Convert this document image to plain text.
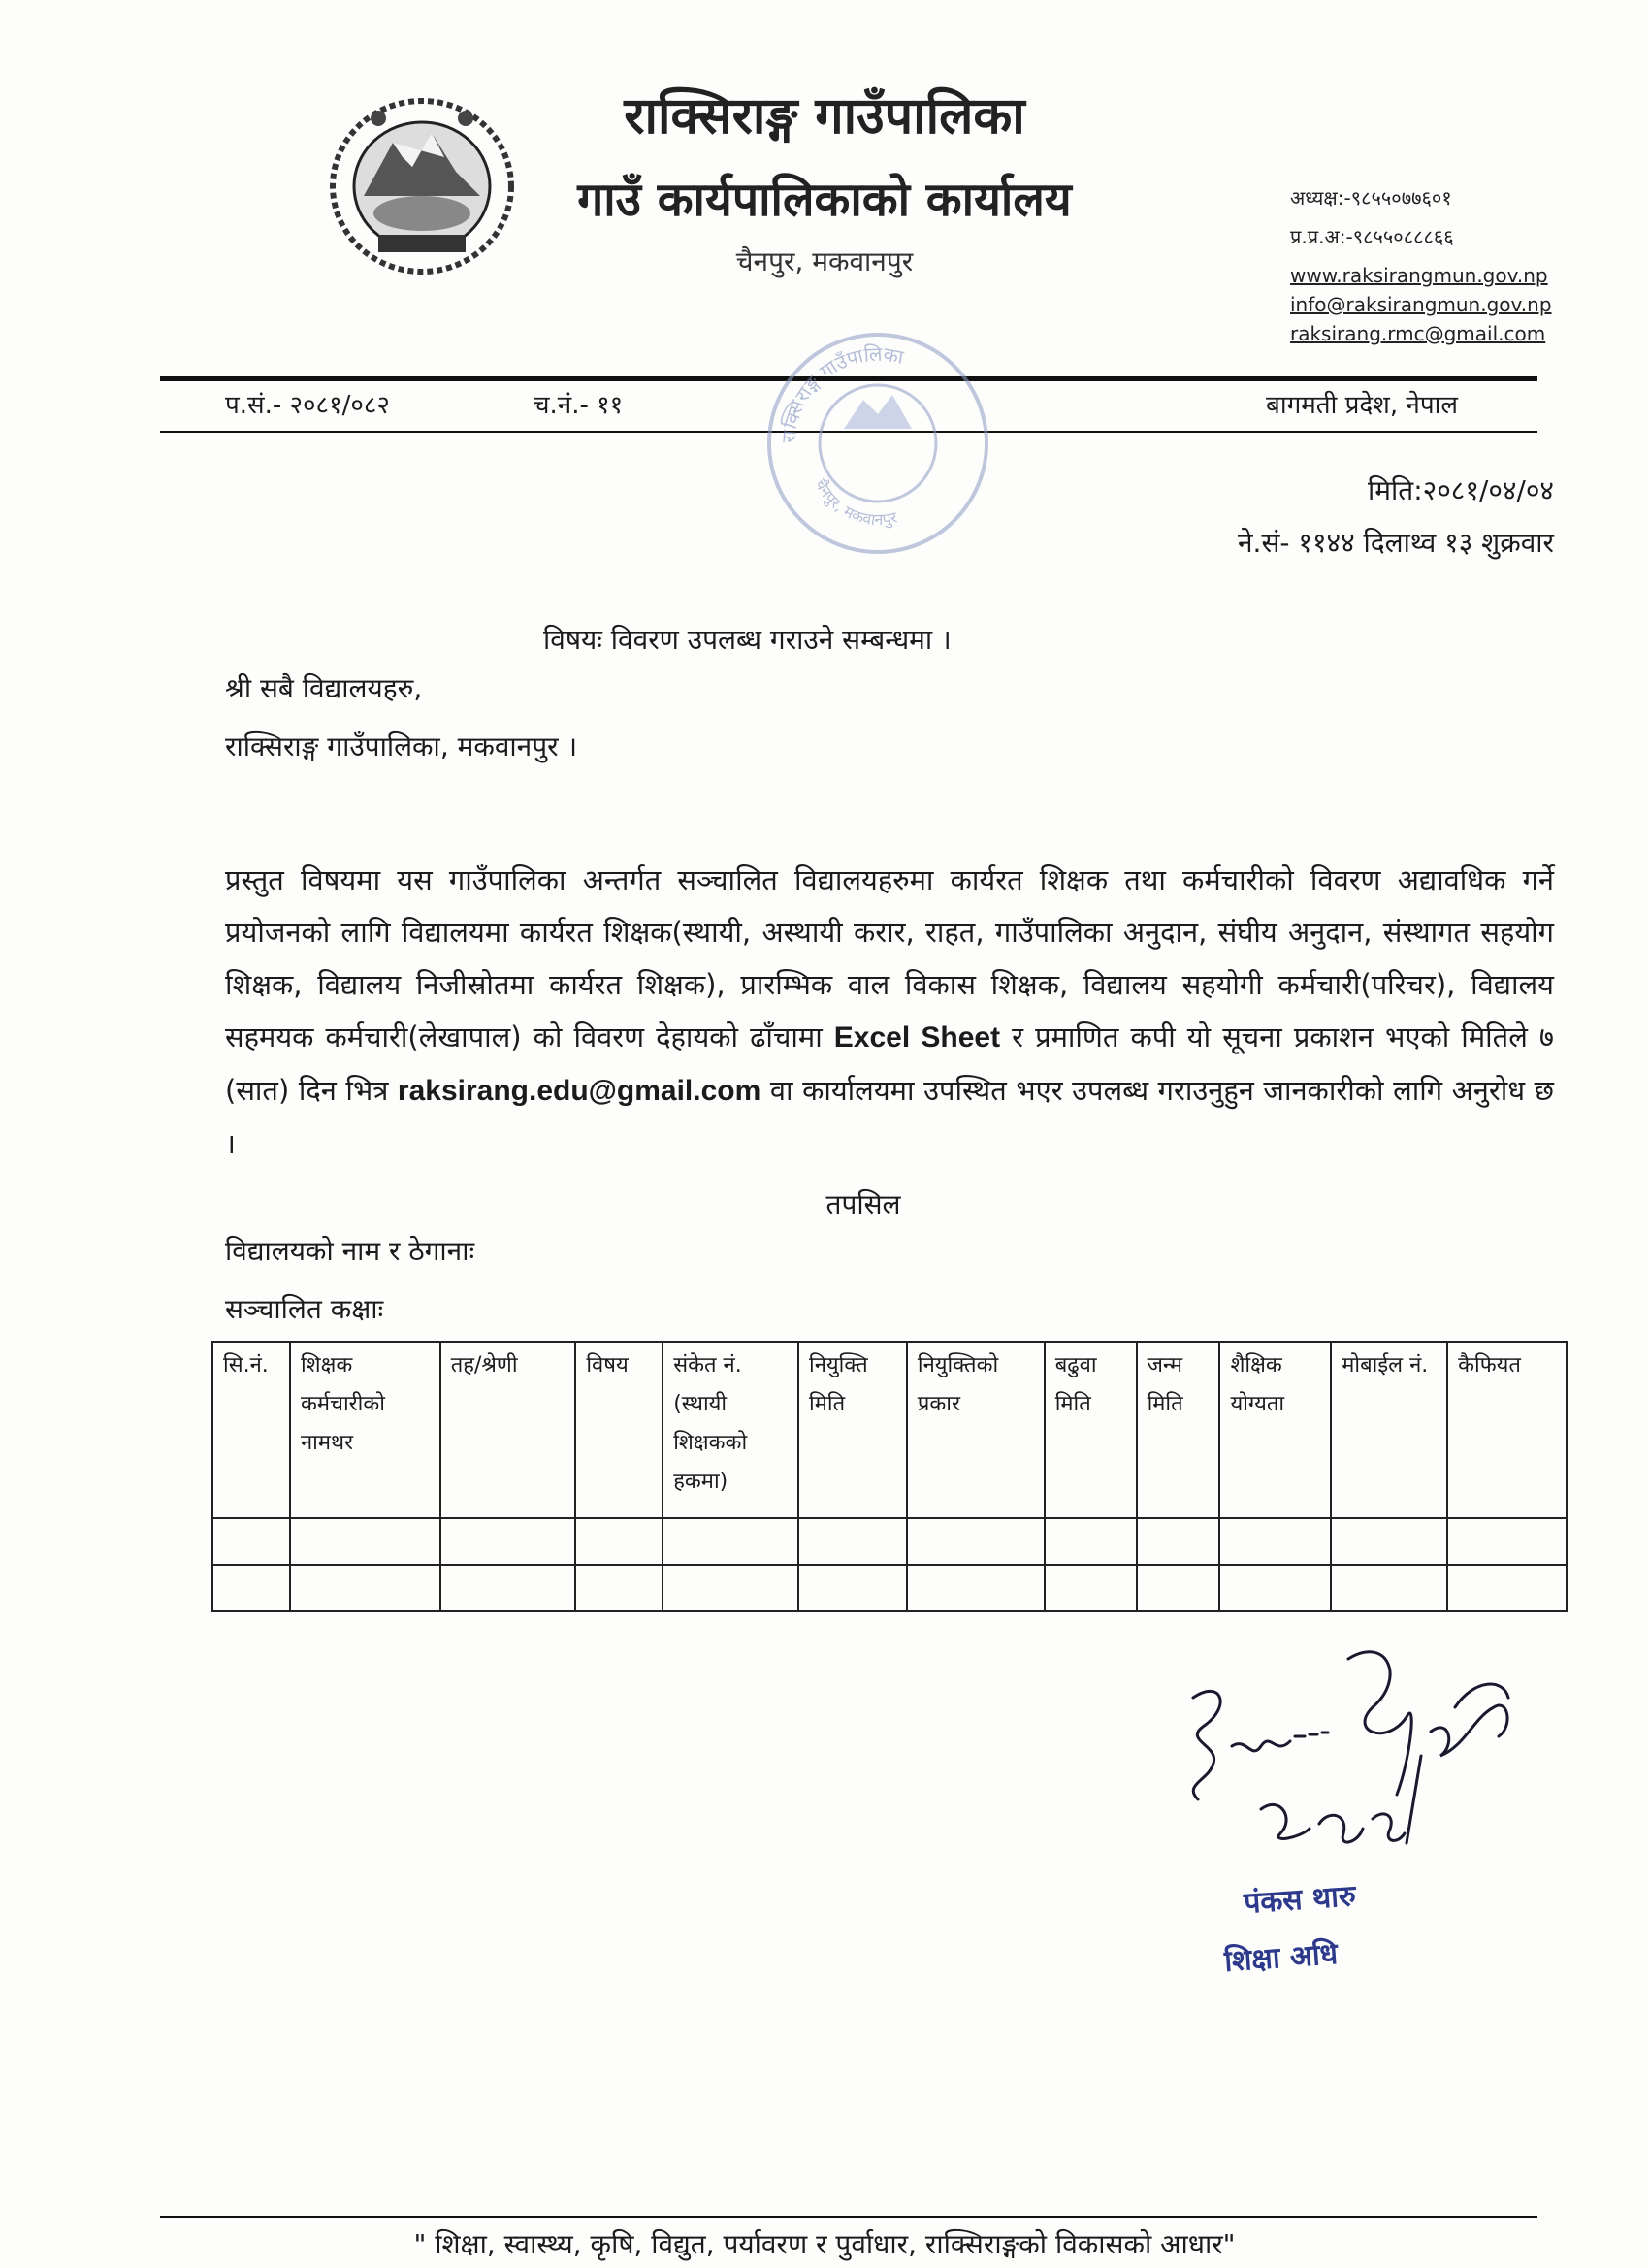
राक्सिराङ्ग गाउँपालिका
गाउँ कार्यपालिकाको कार्यालय
चैनपुर, मकवानपुर
अध्यक्ष:-९८५५०७७६०१
प्र.प्र.अ:-९८५५०८८८६६
www.raksirangmun.gov.np
info@raksirangmun.gov.np
raksirang.rmc@gmail.com
प.सं.- २०८१/०८२	च.नं.- ११	बागमती प्रदेश, नेपाल
राक्सिराङ्ग गाउँपालिका
चैनपुर, मकवानपुर
मिति:२०८१/०४/०४
ने.सं- ११४४ दिलाथ्व १३ शुक्रवार
विषयः विवरण उपलब्ध गराउने सम्बन्धमा ।
श्री सबै विद्यालयहरु,
राक्सिराङ्ग गाउँपालिका, मकवानपुर ।
प्रस्तुत विषयमा यस गाउँपालिका अन्तर्गत सञ्चालित विद्यालयहरुमा कार्यरत शिक्षक तथा कर्मचारीको विवरण अद्यावधिक गर्ने प्रयोजनको लागि विद्यालयमा कार्यरत शिक्षक(स्थायी, अस्थायी करार, राहत, गाउँपालिका अनुदान, संघीय अनुदान, संस्थागत सहयोग शिक्षक, विद्यालय निजीस्रोतमा कार्यरत शिक्षक), प्रारम्भिक वाल विकास शिक्षक, विद्यालय सहयोगी कर्मचारी(परिचर), विद्यालय सहमयक कर्मचारी(लेखापाल) को विवरण देहायको ढाँचामा Excel Sheet र प्रमाणित कपी यो सूचना प्रकाशन भएको मितिले ७ (सात) दिन भित्र raksirang.edu@gmail.com वा कार्यालयमा उपस्थित भएर उपलब्ध गराउनुहुन जानकारीको लागि अनुरोध छ ।
तपसिल
विद्यालयको नाम र ठेगानाः
सञ्चालित कक्षाः
सि.नं.	शिक्षक कर्मचारीको नामथर	तह/श्रेणी	विषय	संकेत नं.(स्थायी शिक्षकको हकमा)	नियुक्ति मिति	नियुक्तिको प्रकार	बढुवा मिति	जन्म मिति	शैक्षिक योग्यता	मोबाईल नं.	कैफियत

पंकस थारु
शिक्षा अधि
" शिक्षा, स्वास्थ्य, कृषि, विद्युत, पर्यावरण र पुर्वाधार, राक्सिराङ्गको विकासको आधार"
